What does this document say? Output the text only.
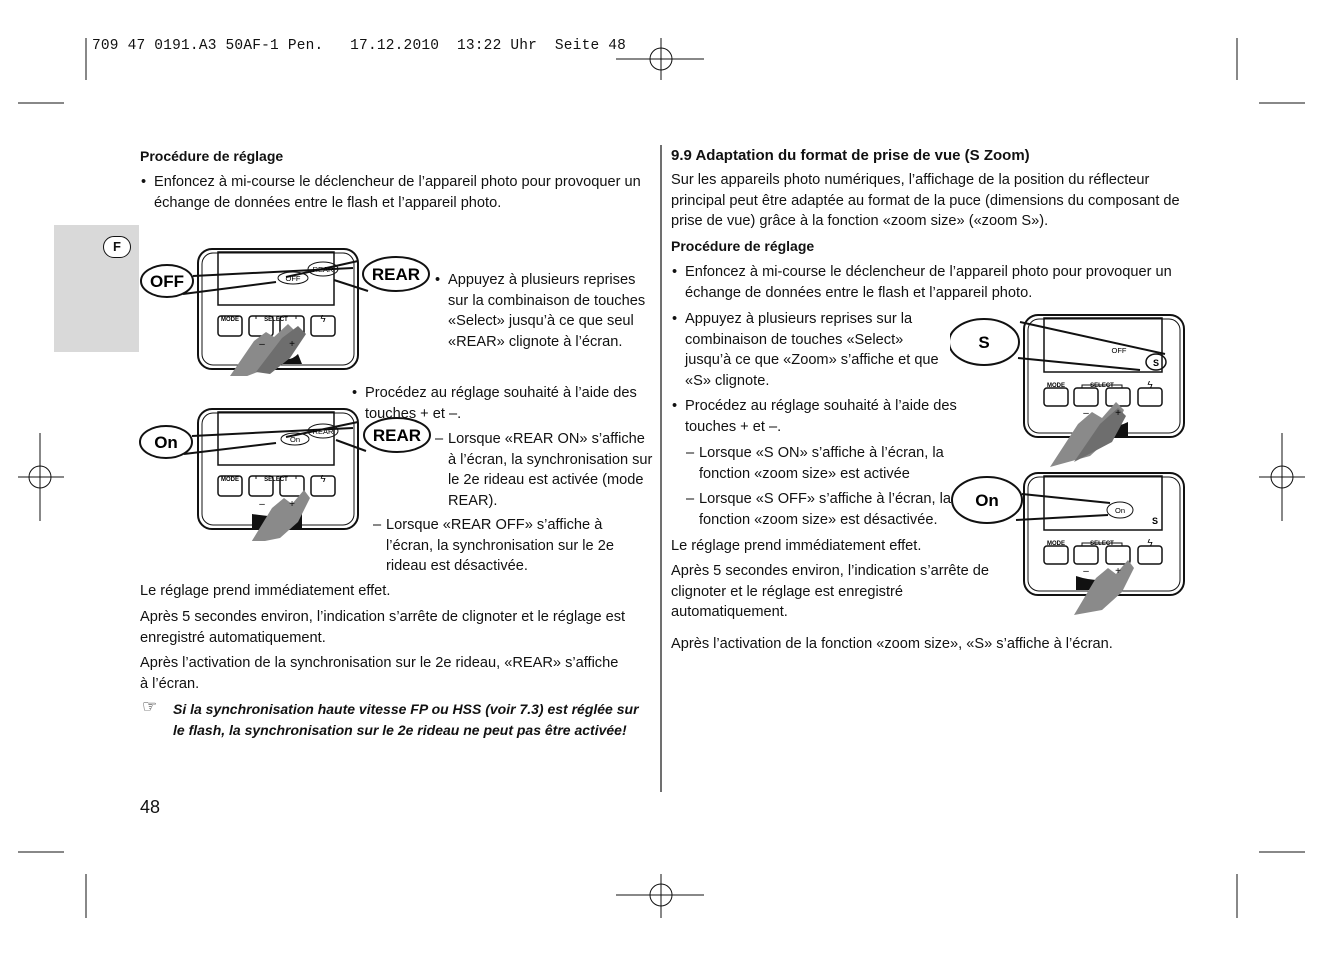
709 47 0191.A3 50AF-1 Pen.   17.12.2010  13:22 Uhr  Seite 48
F
Procédure de réglage
• Enfoncez à mi-course le déclencheur de l’appareil photo pour provoquer un échange de données entre le flash et l’appareil photo.
• Appuyez à plusieurs reprises sur la combinaison de touches «Select» jusqu’à ce que seul «REAR» clignote à l’écran.
• Procédez au réglage souhaité à l’aide des touches + et –.
– Lorsque «REAR ON» s’affiche à l’écran, la synchronisation sur le 2e rideau est activée (mode REAR).
– Lorsque «REAR OFF» s’affiche à l’écran, la synchronisation sur le 2e rideau est désactivée.
Le réglage prend immédiatement effet.
Après 5 secondes environ, l’indication s’arrête de clignoter et le réglage est enregistré automatiquement.
Après l’activation de la synchronisation sur le 2e rideau, «REAR» s’affiche à l’écran.
☞	Si la synchronisation haute vitesse FP ou HSS (voir 7.3) est réglée sur le flash, la synchronisation sur le 2e rideau ne peut pas être activée!
48
9.9 Adaptation du format de prise de vue (S Zoom)
Sur les appareils photo numériques, l’affichage de la position du réflecteur principal peut être adaptée au format de la puce (dimensions du composant de prise de vue) grâce à la fonction «zoom size» («zoom S»).
Procédure de réglage
• Enfoncez à mi-course le déclencheur de l’appareil photo pour provoquer un échange de données entre le flash et l’appareil photo.
• Appuyez à plusieurs reprises sur la combinaison de touches «Select» jusqu’à ce que «Zoom» s’affiche et que «S» clignote.
• Procédez au réglage souhaité à l’aide des touches + et –.
– Lorsque «S ON» s’affiche à l’écran, la fonction «zoom size» est activée
– Lorsque «S OFF» s’affiche à l’écran, la fonction «zoom size» est désactivée.
Le réglage prend immédiatement effet.
Après 5 secondes environ, l’indication s’arrête de clignoter et le réglage est enregistré automatiquement.
Après l’activation de la fonction «zoom size», «S» s’affiche à l’écran.
OFF	REAR
REAR
OFF
MODE	SELECT
– +
ϟ
On	REAR
REAR
On
MODE	SELECT
– +
ϟ
S	OFF
S
MODE	SELECT
–	+
ϟ
On
On
S
MODE	SELECT
–	+
ϟ
